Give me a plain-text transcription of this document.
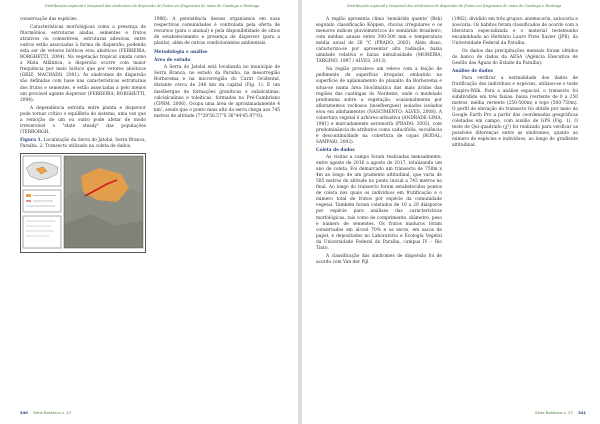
Distribuição espacial e temporal das síndromes de dispersão de frutos em fragmento de mata de Caatinga e Restinga

conservação das espécies.

Características morfológicas como a presença de fitormônios, estruturas aladas, sementes e frutos atrativos ou comestíveis, estruturas adesivas, entre outros estão associadas à forma de dispersão, podendo esta ser de vetores bióticos e/ou abióticos (FERREIRA; BORGHETTI, 2004). Na vegetação tropical úmida como a Mata Atlântica, a dispersão ocorre com maior frequência por meio biótico que por vetores abióticos (GRIZ; MACHADO, 2001). As síndromes de dispersão são definidas com base nas características estruturais dos frutos e sementes, e estão associadas a pelo menos um provável agente dispersor (FERREIRA; BORGHETTI, 2004).

A dependência estreita entre planta e dispersor pode tornar crítico o equilíbrio do sistema, uma vez que a remoção de um ou outro pode afetar de modo irreversível o "state steady" das populações (TERBORGH,

Figura 1. Localização da Serra do Jatobá, Serra Branca, Paraíba. 2: Transecto utilizado na coleta de dados.

1986). A persistência desses organismos em suas respectivas comunidades é controlada pela oferta de recursos (para o animal) e pela disponibilidade de sítios de estabelecimento e presença de dispersor (para a planta), além de outras condicionantes ambientais.

Metodologia e análise
Área de estudo

A Serra do Jatobá está localizada no município de Serra Branca, no estado da Paraíba, na mesorregião Borborema e na microrregião do Cariri Ocidental, distante cerca de 240 km da capital (Fig. 1). É um inselbergue de formações graníticas e subalcalinas: calcialcalinas e toleíticas, formadas no Pré-Cambriano (CPRM, 2006). Ocupa uma área de aproximadamente 4 km², sendo que o ponto mais alto da serra chega aos 745 metros de altitude (7°29'50.57"S 36°44'45.97"O).

340 Série Botânica v. 23
Distribuição espacial e temporal das síndromes de dispersão de frutos em fragmento de mata de Caatinga e Restinga

A região apresenta clima 'semiárido quente' (Bsh) segundo classificação Köppen, chuvas irregulares e os menores índices pluviométricos do semiárido brasileiro, com médias anuais entre 300-500 mm e temperatura média anual de 26 °C (PRADO, 2003). Além disso, caracteriza-se por apresentar alta radiação, baixa umidade relativa e baixa nebulosidade (MOREIRA; TARGINO, 1997 / ALVES, 2013).

Na região prevalece um relevo com a feição de pedimento de superfície irregular, embutido na superfície de aplainamento do planalto da Borborema e situa-se numa área bioclimática das mais áridas das regiões das caatingas do Nordeste, onde o modelado predomina sobre a vegetação, ocasionalmente por afloramentos rochosos (inselbergues) isolados isolados e/ou em alinhamentos (NASCIMENTO; ALVES, 2008). A cobertura vegetal é arbóreo-arbustiva (ANDRADE-LIMA, 1981) e marcadamente xeromorfa (PRADO, 2003), com predominância de atributos como caducifolia, suculência e descontinuidade na cobertura de copas (RODAL; SAMPAIO, 2002).

Coleta de dados

As visitas a campo foram realizadas mensalmente, entre agosto de 2016 a agosto de 2017, totalizando um ano de coleta. Foi demarcado um transecto de 750m x 4m ao longo de um gradiente altitudinal, que varia de 585 metros de altitude no ponto inicial a 745 metros no final. Ao longo do transecto foram estabelecidos pontos de coleta nos quais os indivíduos em frutificação e o número total de frutos por espécie da comunidade vegetal. Também foram coletados de 10 a 20 diásporos por espécie para análises das características morfológicas, tais como de comprimento, diâmetro, peso e número de sementes. Os frutos maduros foram conservados em álcool 70% e os secos, em sacos de papel, e depositados no Laboratório e Ecologia Vegetal da Universidade Federal da Paraíba, campus IV – Rio Tinto.

A classificação das síndromes de dispersão foi de acordo com Van der Pijl

(1982), dividido em três grupos: anemocoria, autocoria e zoocoria. Os hábitos foram classificados de acordo com a literatura especializada e o material testemunho encaminhado ao Herbário Lauro Pires Xavier (JPB), da Universidade Federal da Paraíba.

Os dados das precipitações mensais foram obtidos do banco de dados da AESA (Agência Executiva de Gestão das Águas do Estado da Paraíba).

Análise de dados

Para verificar a normalidade dos dados de frutificação dos indivíduos e espécies, utilizou-se o teste Shapiro-Wilk. Para a análise espacial, o transecto foi subdividido em três faixas: baixa (vertente de 0 a 250 metros, média vertente (250-500m) e topo (500-750m). O perfil de elevação do transecto foi obtido por meio do Google Earth Pro a partir das coordenadas geográficas coletadas em campo, com auxílio de GPS (Fig. 1). O teste de Qui-quadrado (χ²) foi realizado para verificar as possíveis diferenças entre as síndromes, quanto ao número de espécies e indivíduos, ao longo do gradiente altitudinal.

Série Botânica v. 23 341
